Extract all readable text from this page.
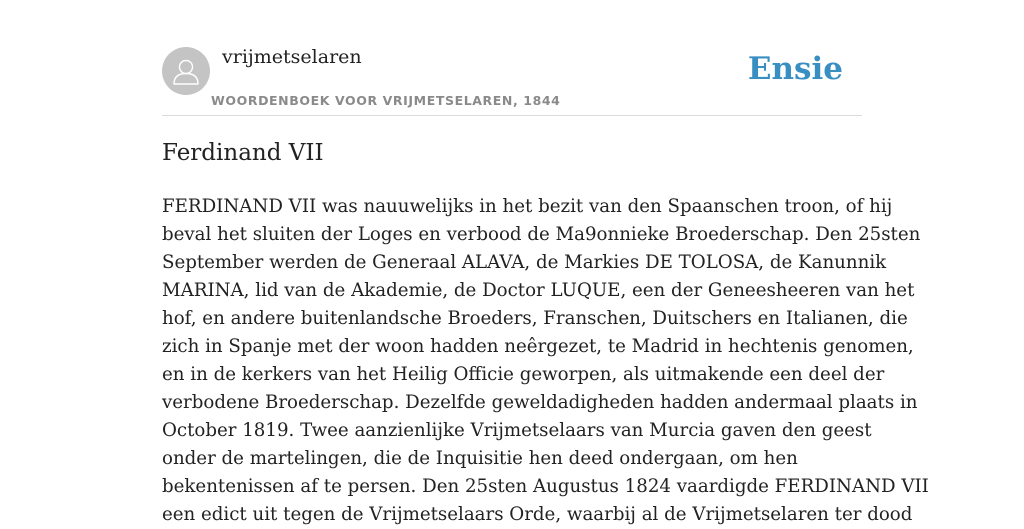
vrijmetselaren
WOORDENBOEK VOOR VRIJMETSELAREN, 1844
Ensie
Ferdinand VII
FERDINAND VII was nauuwelijks in het bezit van den Spaanschen troon, of hij
beval het sluiten der Loges en verbood de Ma9onnieke Broederschap. Den 25sten
September werden de Generaal ALAVA, de Markies DE TOLOSA, de Kanunnik
MARINA, lid van de Akademie, de Doctor LUQUE, een der Geneesheeren van het
hof, en andere buitenlandsche Broeders, Franschen, Duitschers en Italianen, die
zich in Spanje met der woon hadden neêrgezet, te Madrid in hechtenis genomen,
en in de kerkers van het Heilig Officie geworpen, als uitmakende een deel der
verbodene Broederschap. Dezelfde geweldadigheden hadden andermaal plaats in
October 1819. Twee aanzienlijke Vrijmetselaars van Murcia gaven den geest
onder de martelingen, die de Inquisitie hen deed ondergaan, om hen
bekentenissen af te persen. Den 25sten Augustus 1824 vaardigde FERDINAND VII
een edict uit tegen de Vrijmetselaars Orde, waarbij al de Vrijmetselaren ter dood
